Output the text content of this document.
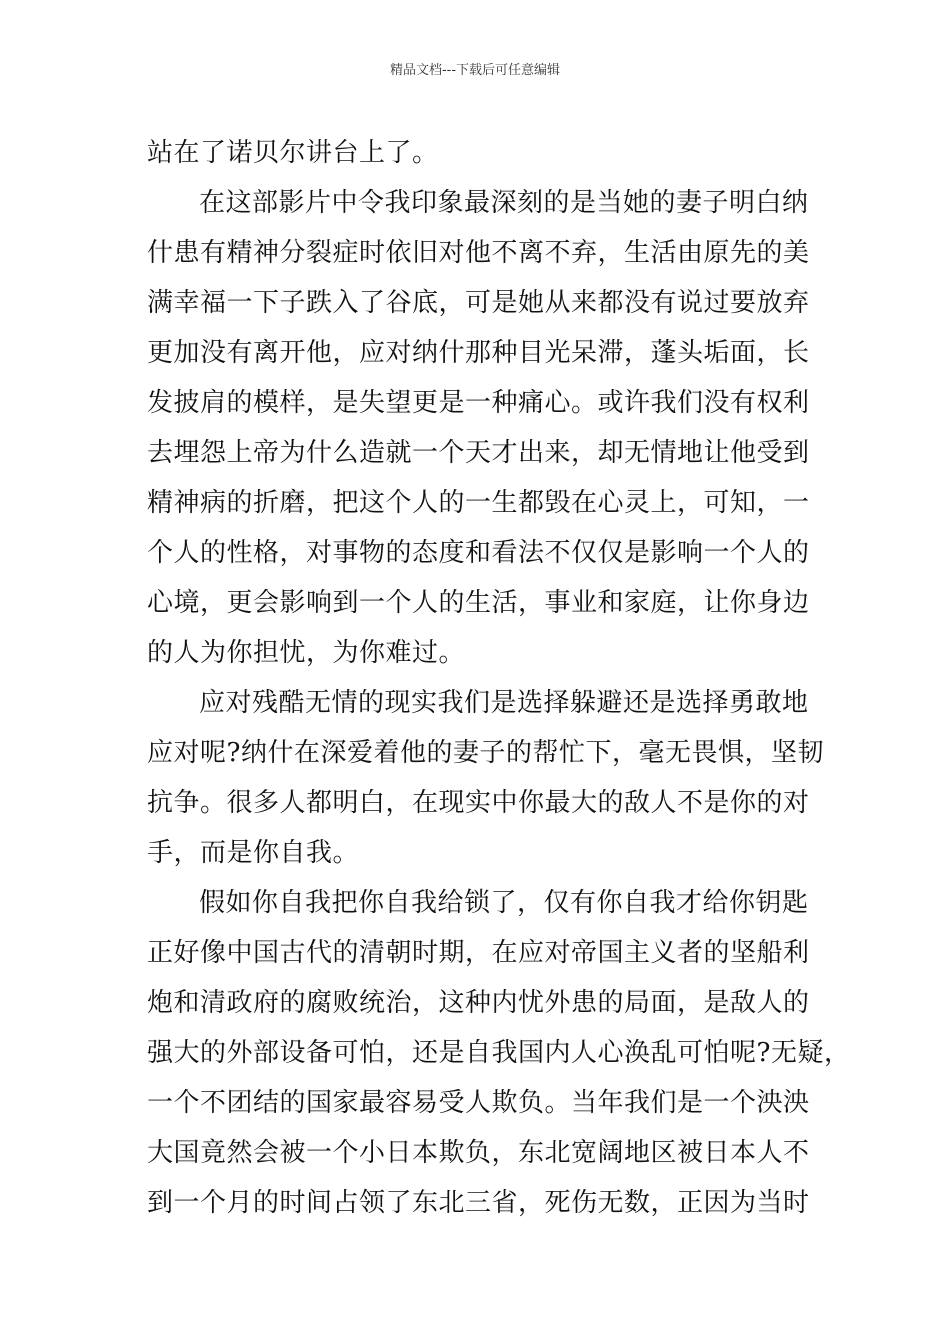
精品文档---下载后可任意编辑
站在了诺贝尔讲台上了。
在这部影片中令我印象最深刻的是当她的妻子明白纳
什患有精神分裂症时依旧对他不离不弃，生活由原先的美
满幸福一下子跌入了谷底，可是她从来都没有说过要放弃
更加没有离开他，应对纳什那种目光呆滞，蓬头垢面，长
发披肩的模样，是失望更是一种痛心。或许我们没有权利
去埋怨上帝为什么造就一个天才出来，却无情地让他受到
精神病的折磨，把这个人的一生都毁在心灵上，可知，一
个人的性格，对事物的态度和看法不仅仅是影响一个人的
心境，更会影响到一个人的生活，事业和家庭，让你身边
的人为你担忧，为你难过。
应对残酷无情的现实我们是选择躲避还是选择勇敢地
应对呢?纳什在深爱着他的妻子的帮忙下，毫无畏惧，坚韧
抗争。很多人都明白，在现实中你最大的敌人不是你的对
手，而是你自我。
假如你自我把你自我给锁了，仅有你自我才给你钥匙
正好像中国古代的清朝时期，在应对帝国主义者的坚船利
炮和清政府的腐败统治，这种内忧外患的局面，是敌人的
强大的外部设备可怕，还是自我国内人心涣乱可怕呢?无疑，
一个不团结的国家最容易受人欺负。当年我们是一个泱泱
大国竟然会被一个小日本欺负，东北宽阔地区被日本人不
到一个月的时间占领了东北三省，死伤无数，正因为当时
